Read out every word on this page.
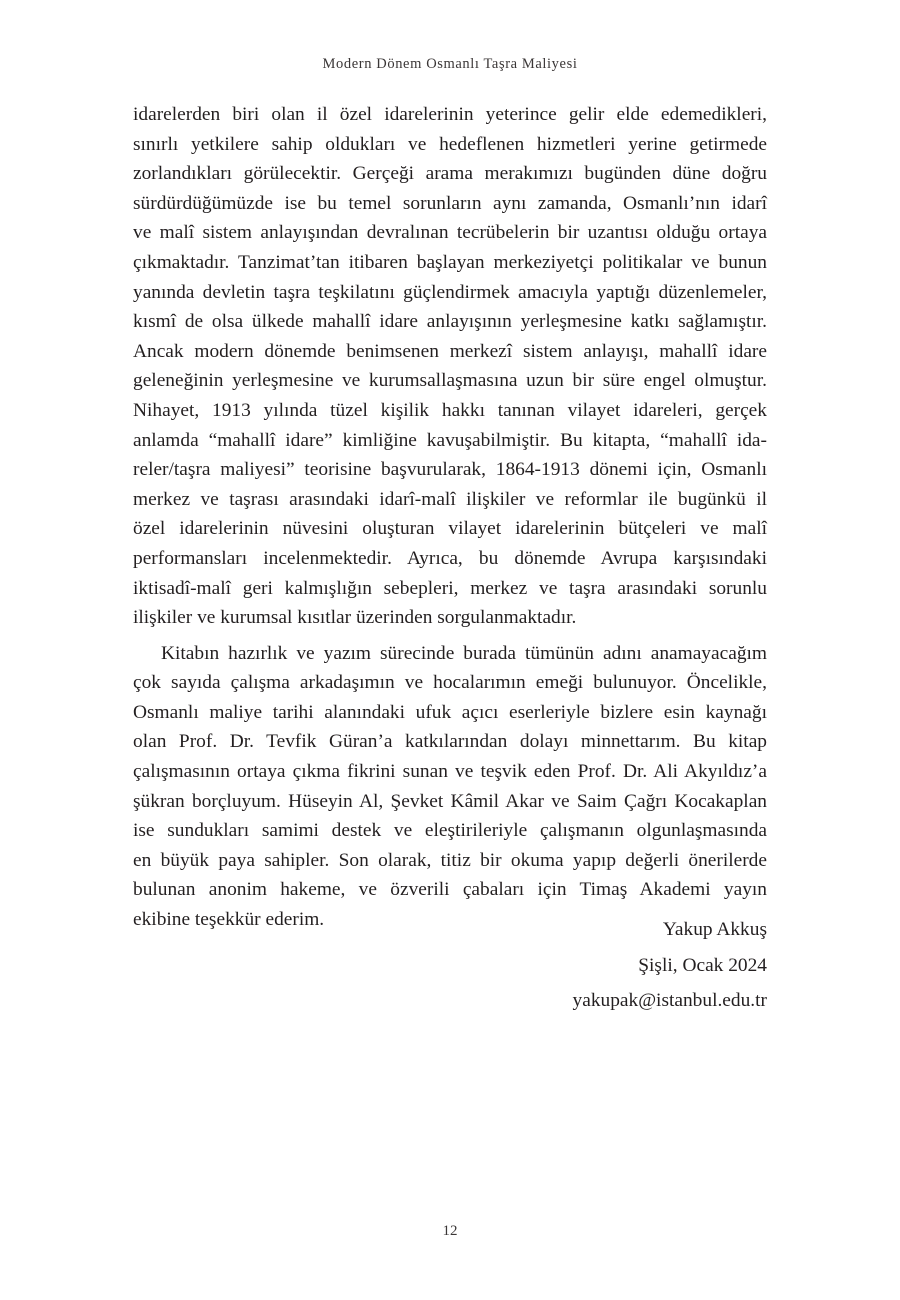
Modern Dönem Osmanlı Taşra Maliyesi
idarelerden biri olan il özel idarelerinin yeterince gelir elde edemedikleri,
sınırlı yetkilere sahip oldukları ve hedeflenen hizmetleri yerine getirmede
zorlandıkları görülecektir. Gerçeği arama merakımızı bugünden düne doğru
sürdürdüğümüzde ise bu temel sorunların aynı zamanda, Osmanlı’nın idarî
ve malî sistem anlayışından devralınan tecrübelerin bir uzantısı olduğu ortaya
çıkmaktadır. Tanzimat’tan itibaren başlayan merkeziyetçi politikalar ve bunun
yanında devletin taşra teşkilatını güçlendirmek amacıyla yaptığı düzenlemeler,
kısmî de olsa ülkede mahallî idare anlayışının yerleşmesine katkı sağlamıştır.
Ancak modern dönemde benimsenen merkezî sistem anlayışı, mahallî idare
geleneğinin yerleşmesine ve kurumsallaşmasına uzun bir süre engel olmuştur.
Nihayet, 1913 yılında tüzel kişilik hakkı tanınan vilayet idareleri, gerçek
anlamda “mahallî idare” kimliğine kavuşabilmiştir. Bu kitapta, “mahallî ida-
reler/taşra maliyesi” teorisine başvurularak, 1864-1913 dönemi için, Osmanlı
merkez ve taşrası arasındaki idarî-malî ilişkiler ve reformlar ile bugünkü il
özel idarelerinin nüvesini oluşturan vilayet idarelerinin bütçeleri ve malî
performansları incelenmektedir. Ayrıca, bu dönemde Avrupa karşısındaki
iktisadî-malî geri kalmışlığın sebepleri, merkez ve taşra arasındaki sorunlu
ilişkiler ve kurumsal kısıtlar üzerinden sorgulanmaktadır.
Kitabın hazırlık ve yazım sürecinde burada tümünün adını anamayacağım
çok sayıda çalışma arkadaşımın ve hocalarımın emeği bulunuyor. Öncelikle,
Osmanlı maliye tarihi alanındaki ufuk açıcı eserleriyle bizlere esin kaynağı
olan Prof. Dr. Tevfik Güran’a katkılarından dolayı minnettarım. Bu kitap
çalışmasının ortaya çıkma fikrini sunan ve teşvik eden Prof. Dr. Ali Akyıldız’a
şükran borçluyum. Hüseyin Al, Şevket Kâmil Akar ve Saim Çağrı Kocakaplan
ise sundukları samimi destek ve eleştirileriyle çalışmanın olgunlaşmasında
en büyük paya sahipler. Son olarak, titiz bir okuma yapıp değerli önerilerde
bulunan anonim hakeme, ve özverili çabaları için Timaş Akademi yayın
ekibine teşekkür ederim.	Yakup Akkuş
Şişli, Ocak 2024
yakupak@istanbul.edu.tr
12
